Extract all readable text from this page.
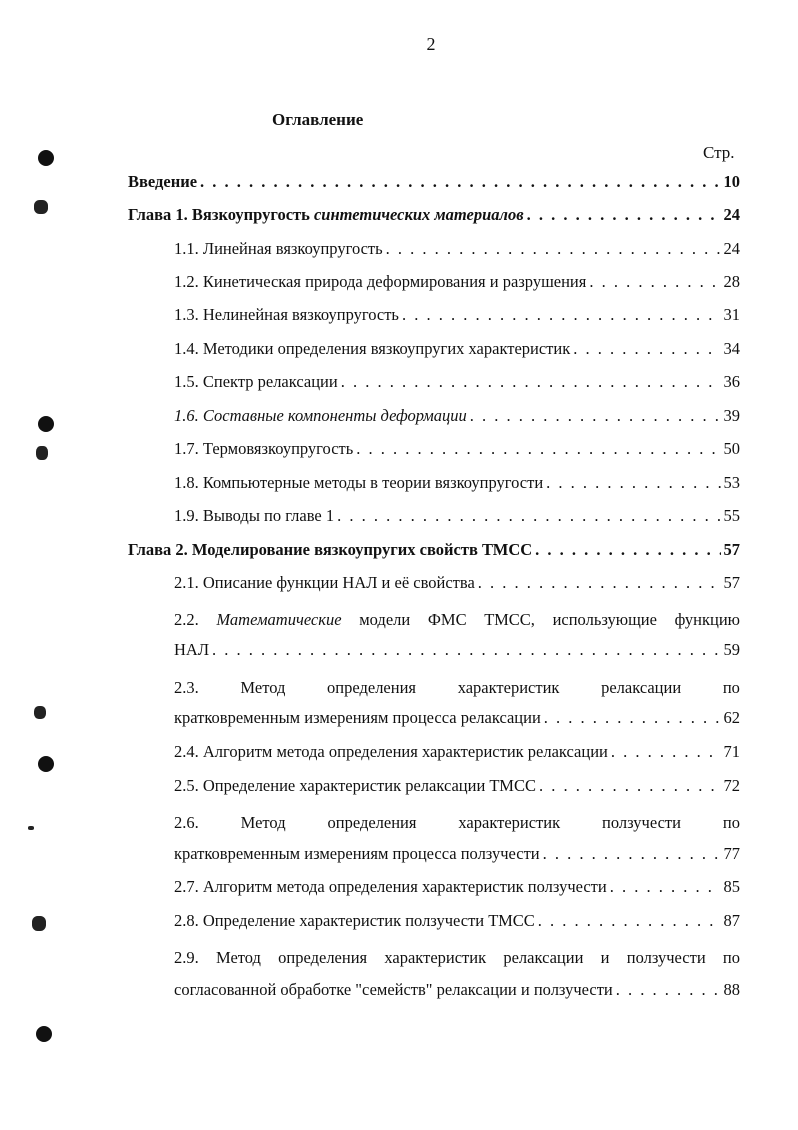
2
Оглавление
Стр.
Введение . . .	10
Глава 1. Вязкоупругость синтетических материалов . . .	24
1.1. Линейная вязкоупругость . . .	24
1.2. Кинетическая природа деформирования и разрушения . . .	28
1.3. Нелинейная вязкоупругость . . .	31
1.4. Методики определения вязкоупругих характеристик . . .	34
1.5. Спектр релаксации . . .	36
1.6. Составные компоненты деформации . . .	39
1.7. Термовязкоупругость . . .	50
1.8. Компьютерные методы в теории вязкоупругости . . .	53
1.9. Выводы по главе 1 . . .	55
Глава 2. Моделирование вязкоупругих свойств ТМСС . . .	57
2.1. Описание функции НАЛ и её свойства . . .	57
2.2. Математические модели ФМС ТМСС, использующие функцию
НАЛ . . .	59
2.3.	Метод	определения	характеристик	релаксации	по
кратковременным измерениям процесса релаксации . . .	62
2.4. Алгоритм метода определения характеристик релаксации . . .	71
2.5. Определение характеристик релаксации ТМСС . . .	72
2.6.	Метод	определения	характеристик	ползучести	по
кратковременным измерениям процесса ползучести . . .	77
2.7. Алгоритм метода определения характеристик ползучести . . .	85
2.8. Определение характеристик ползучести ТМСС . . .	87
2.9. Метод определения характеристик релаксации и ползучести по
согласованной обработке "семейств" релаксации и ползучести . . .	88
